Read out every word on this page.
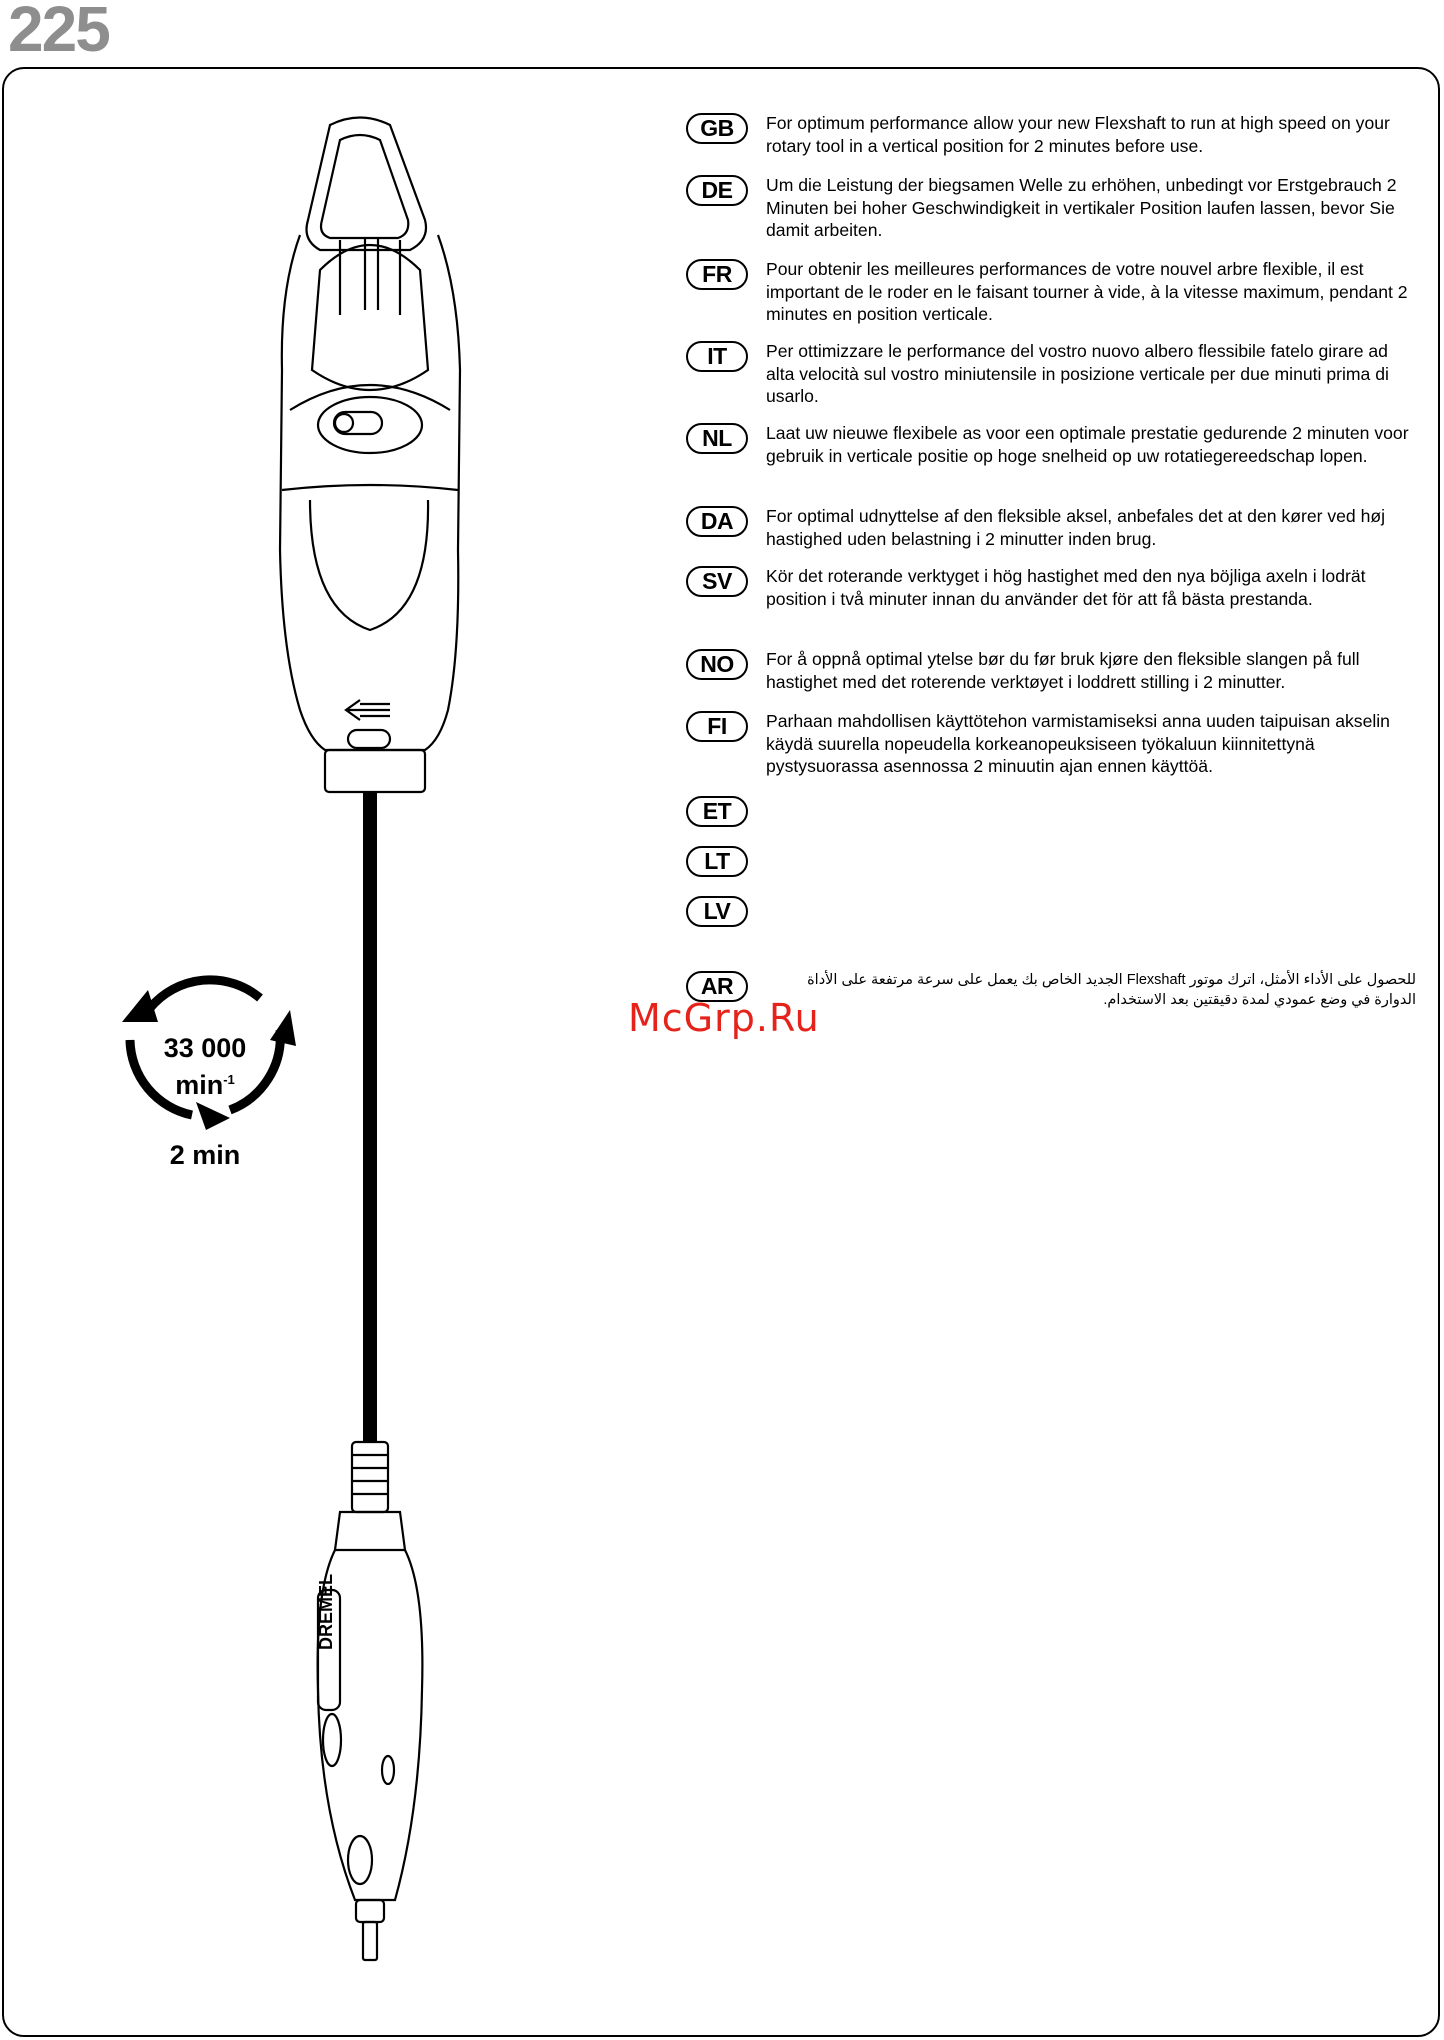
225
DREMEL
33 000
$\min^{-1}$
2 min
GB	For optimum performance allow your new Flexshaft to run at high speed on your rotary tool in a vertical position for 2 minutes before use.
DE	Um die Leistung der biegsamen Welle zu erhöhen, unbedingt vor Erstgebrauch 2 Minuten bei hoher Geschwindigkeit in vertikaler Position laufen lassen, bevor Sie damit arbeiten.
FR	Pour obtenir les meilleures performances de votre nouvel arbre flexible, il est important de le roder en le faisant tourner à vide, à la vitesse maximum, pendant 2 minutes en position verticale.
IT	Per ottimizzare le performance del vostro nuovo albero flessibile fatelo girare ad alta velocità sul vostro miniutensile in posizione verticale per due minuti prima di usarlo.
NL	Laat uw nieuwe flexibele as voor een optimale prestatie gedurende 2 minuten voor gebruik in verticale positie op hoge snelheid op uw rotatiegereedschap lopen.
DA	For optimal udnyttelse af den fleksible aksel, anbefales det at den kører ved høj hastighed uden belastning i 2 minutter inden brug.
SV	Kör det roterande verktyget i hög hastighet med den nya böjliga axeln i lodrät position i två minuter innan du använder det för att få bästa prestanda.
NO	For å oppnå optimal ytelse bør du før bruk kjøre den fleksible slangen på full hastighet med det roterende verktøyet i loddrett stilling i 2 minutter.
FI	Parhaan mahdollisen käyttötehon varmistamiseksi anna uuden taipuisan akselin käydä suurella nopeudella korkeanopeuksiseen työkaluun kiinnitettynä pystysuorassa asennossa 2 minuutin ajan ennen käyttöä.
ET
LT
LV
AR	للحصول على الأداء الأمثل، اترك موتور Flexshaft الجديد الخاص بك يعمل على سرعة مرتفعة على الأداة الدوارة في وضع عمودي لمدة دقيقتين بعد الاستخدام.
McGrp.Ru
